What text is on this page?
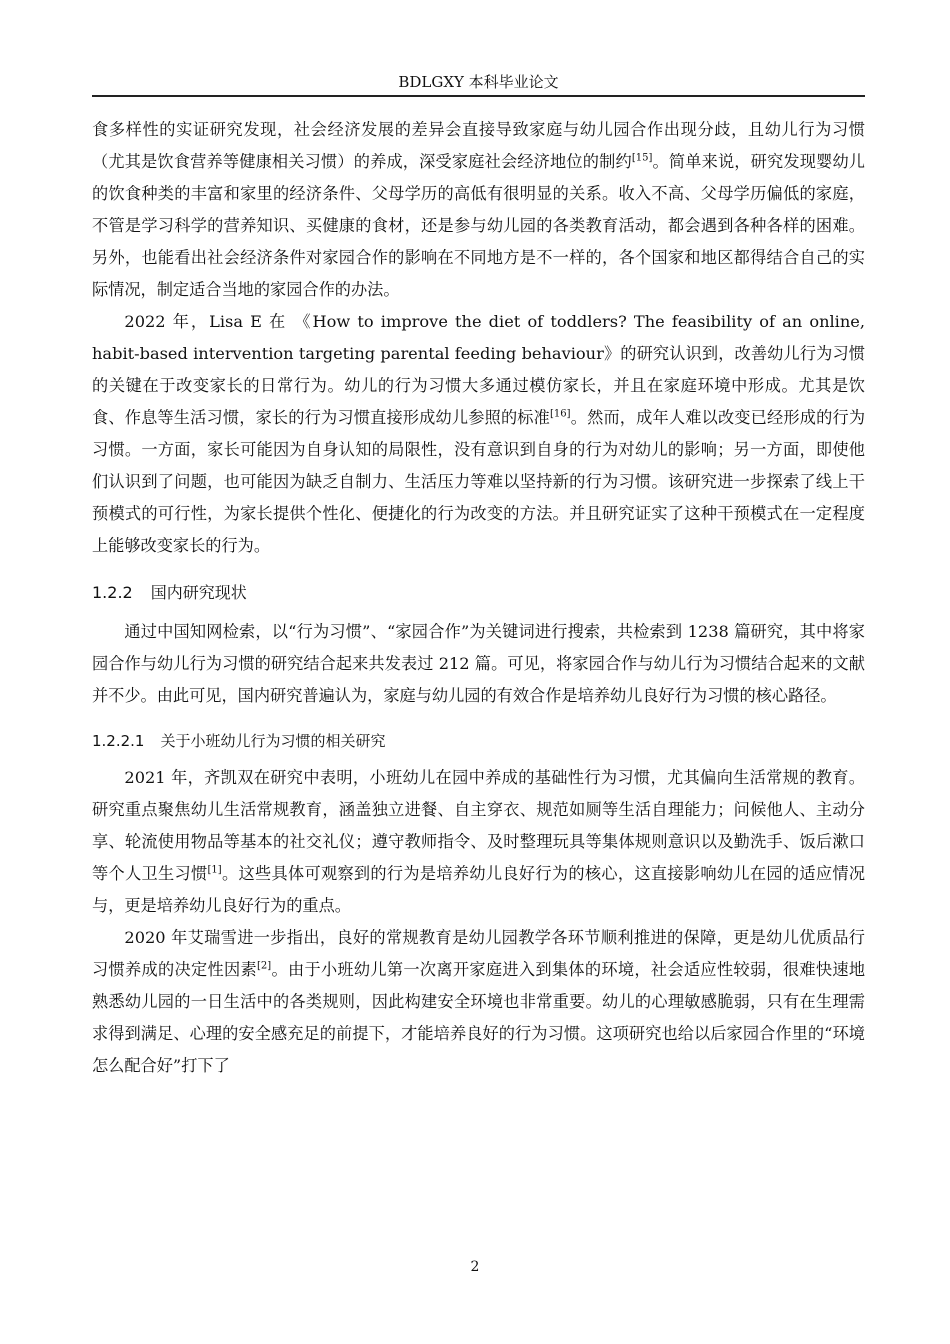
BDLGXY 本科毕业论文

食多样性的实证研究发现，社会经济发展的差异会直接导致家庭与幼儿园合作出现分歧，且幼儿行为习惯（尤其是饮食营养等健康相关习惯）的养成，深受家庭社会经济地位的制约[15]。简单来说，研究发现婴幼儿的饮食种类的丰富和家里的经济条件、父母学历的高低有很明显的关系。收入不高、父母学历偏低的家庭，不管是学习科学的营养知识、买健康的食材，还是参与幼儿园的各类教育活动，都会遇到各种各样的困难。另外，也能看出社会经济条件对家园合作的影响在不同地方是不一样的，各个国家和地区都得结合自己的实际情况，制定适合当地的家园合作的办法。

2022 年，Lisa E 在 《How to improve the diet of toddlers? The feasibility of an online, habit-based intervention targeting parental feeding behaviour》的研究认识到，改善幼儿行为习惯的关键在于改变家长的日常行为。幼儿的行为习惯大多通过模仿家长，并且在家庭环境中形成。尤其是饮食、作息等生活习惯，家长的行为习惯直接形成幼儿参照的标准[16]。然而，成年人难以改变已经形成的行为习惯。一方面，家长可能因为自身认知的局限性，没有意识到自身的行为对幼儿的影响；另一方面，即使他们认识到了问题，也可能因为缺乏自制力、生活压力等难以坚持新的行为习惯。该研究进一步探索了线上干预模式的可行性，为家长提供个性化、便捷化的行为改变的方法。并且研究证实了这种干预模式在一定程度上能够改变家长的行为。

1.2.2 国内研究现状

通过中国知网检索，以“行为习惯”、“家园合作”为关键词进行搜索，共检索到 1238 篇研究，其中将家园合作与幼儿行为习惯的研究结合起来共发表过 212 篇。可见，将家园合作与幼儿行为习惯结合起来的文献并不少。由此可见，国内研究普遍认为，家庭与幼儿园的有效合作是培养幼儿良好行为习惯的核心路径。

1.2.2.1 关于小班幼儿行为习惯的相关研究

2021 年，齐凯双在研究中表明，小班幼儿在园中养成的基础性行为习惯，尤其偏向生活常规的教育。研究重点聚焦幼儿生活常规教育，涵盖独立进餐、自主穿衣、规范如厕等生活自理能力；问候他人、主动分享、轮流使用物品等基本的社交礼仪；遵守教师指令、及时整理玩具等集体规则意识以及勤洗手、饭后漱口等个人卫生习惯[1]。这些具体可观察到的行为是培养幼儿良好行为的核心，这直接影响幼儿在园的适应情况与，更是培养幼儿良好行为的重点。

2020 年艾瑞雪进一步指出，良好的常规教育是幼儿园教学各环节顺利推进的保障，更是幼儿优质品行习惯养成的决定性因素[2]。由于小班幼儿第一次离开家庭进入到集体的环境，社会适应性较弱，很难快速地熟悉幼儿园的一日生活中的各类规则，因此构建安全环境也非常重要。幼儿的心理敏感脆弱，只有在生理需求得到满足、心理的安全感充足的前提下，才能培养良好的行为习惯。这项研究也给以后家园合作里的“环境怎么配合好”打下了

2
